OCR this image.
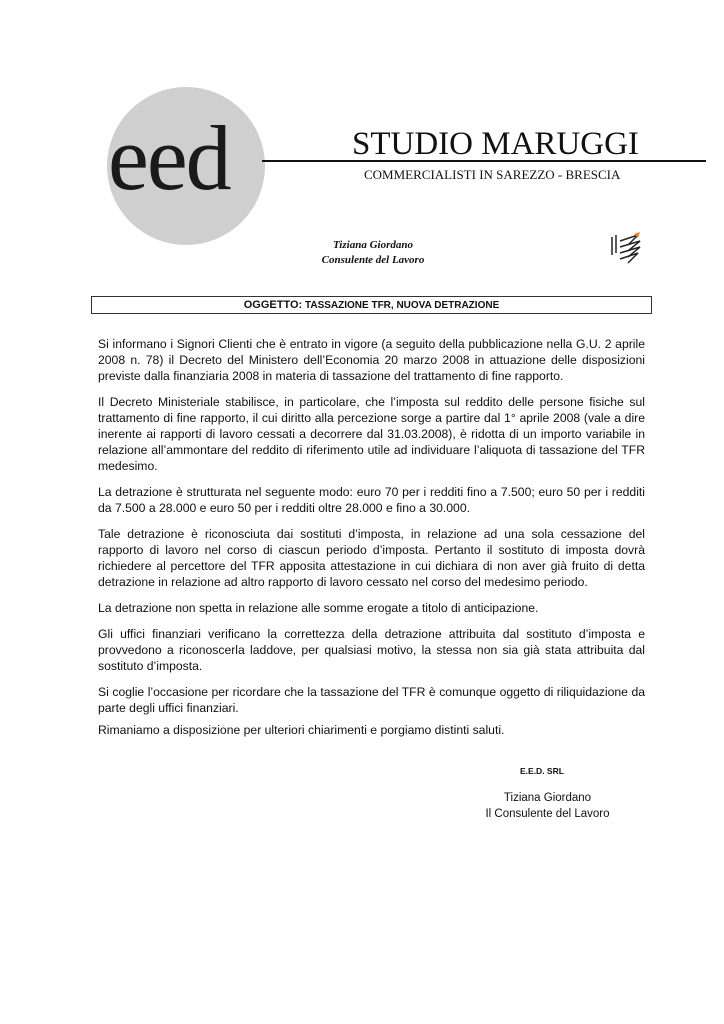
eed	STUDIO MARUGGI
COMMERCIALISTI IN SAREZZO - BRESCIA
Tiziana Giordano
Consulente del Lavoro
OGGETTO: TASSAZIONE TFR, NUOVA DETRAZIONE

Si informano i Signori Clienti che è entrato in vigore (a seguito della pubblicazione nella G.U. 2 aprile 2008 n. 78) il Decreto del Ministero dell’Economia 20 marzo 2008 in attuazione delle disposizioni previste dalla finanziaria 2008 in materia di tassazione del trattamento di fine rapporto.

Il Decreto Ministeriale stabilisce, in particolare, che l’imposta sul reddito delle persone fisiche sul trattamento di fine rapporto, il cui diritto alla percezione sorge a partire dal 1° aprile 2008 (vale a dire inerente ai rapporti di lavoro cessati a decorrere dal 31.03.2008), è ridotta di un importo variabile in relazione all’ammontare del reddito di riferimento utile ad individuare l’aliquota di tassazione del TFR medesimo.

La detrazione è strutturata nel seguente modo: euro 70 per i redditi fino a 7.500; euro 50 per i redditi da 7.500 a 28.000 e euro 50 per i redditi oltre 28.000 e fino a 30.000.

Tale detrazione è riconosciuta dai sostituti d’imposta, in relazione ad una sola cessazione del rapporto di lavoro nel corso di ciascun periodo d’imposta. Pertanto il sostituto di imposta dovrà richiedere al percettore del TFR apposita attestazione in cui dichiara di non aver già fruito di detta detrazione in relazione ad altro rapporto di lavoro cessato nel corso del medesimo periodo.

La detrazione non spetta in relazione alle somme erogate a titolo di anticipazione.

Gli uffici finanziari verificano la correttezza della detrazione attribuita dal sostituto d’imposta e provvedono a riconoscerla laddove, per qualsiasi motivo, la stessa non sia già stata attribuita dal sostituto d’imposta.

Si coglie l’occasione per ricordare che la tassazione del TFR è comunque oggetto di riliquidazione da parte degli uffici finanziari.

Rimaniamo a disposizione per ulteriori chiarimenti e porgiamo distinti saluti.

E.E.D. SRL
Tiziana Giordano
Il Consulente del Lavoro
